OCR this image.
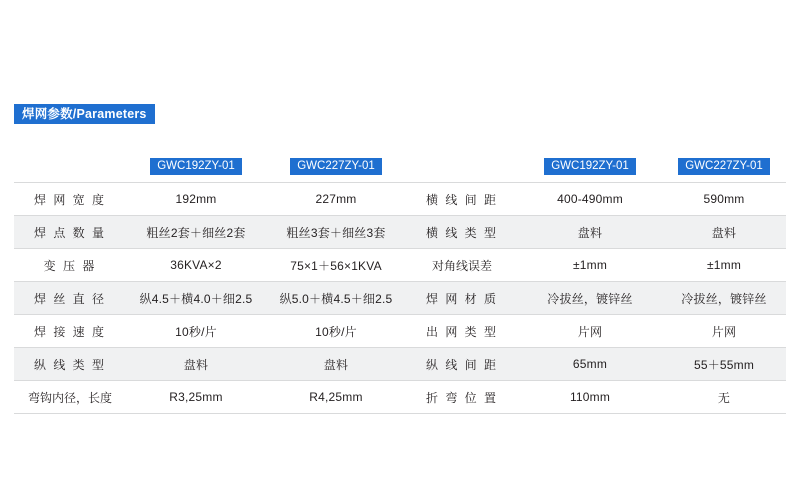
焊网参数/Parameters
	GWC192ZY-01	GWC227ZY-01		GWC192ZY-01	GWC227ZY-01
焊 网 宽 度	192mm	227mm	横 线 间 距	400-490mm	590mm
焊 点 数 量	粗丝2套＋细丝2套	粗丝3套＋细丝3套	横 线 类 型	盘料	盘料
变 压 器	36KVA×2	75×1＋56×1KVA	对角线误差	±1mm	±1mm
焊 丝 直 径	纵4.5＋横4.0＋细2.5	纵5.0＋横4.5＋细2.5	焊 网 材 质	冷拔丝，镀锌丝	冷拔丝，镀锌丝
焊 接 速 度	10秒/片	10秒/片	出 网 类 型	片网	片网
纵 线 类 型	盘料	盘料	纵 线 间 距	65mm	55＋55mm
弯钩内径，长度	R3,25mm	R4,25mm	折 弯 位 置	110mm	无
